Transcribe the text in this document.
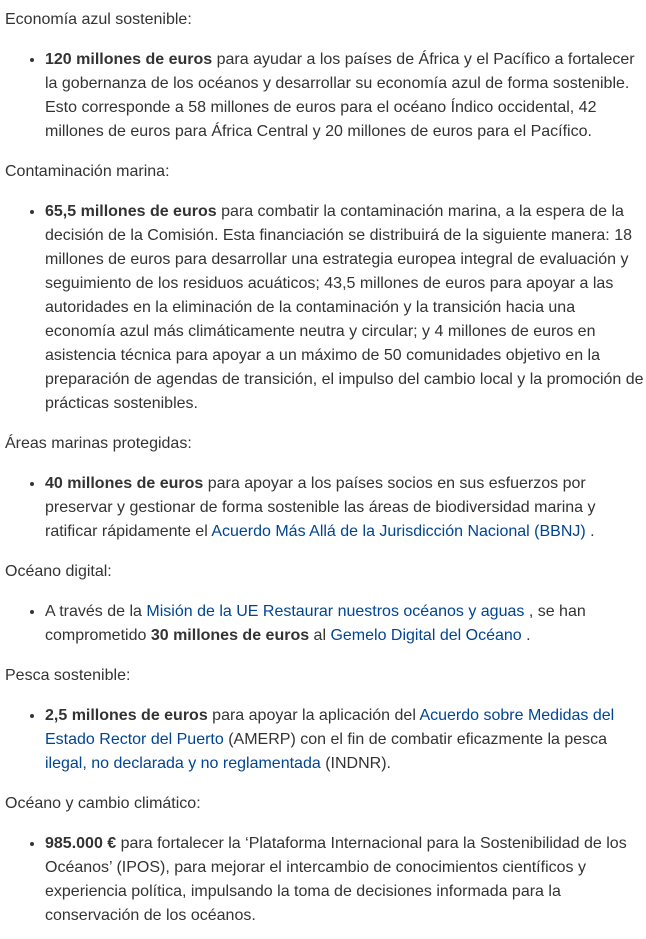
Economía azul sostenible:

• 120 millones de euros para ayudar a los países de África y el Pacífico a fortalecer la gobernanza de los océanos y desarrollar su economía azul de forma sostenible. Esto corresponde a 58 millones de euros para el océano Índico occidental, 42 millones de euros para África Central y 20 millones de euros para el Pacífico.

Contaminación marina:

• 65,5 millones de euros para combatir la contaminación marina, a la espera de la decisión de la Comisión. Esta financiación se distribuirá de la siguiente manera: 18 millones de euros para desarrollar una estrategia europea integral de evaluación y seguimiento de los residuos acuáticos; 43,5 millones de euros para apoyar a las autoridades en la eliminación de la contaminación y la transición hacia una economía azul más climáticamente neutra y circular; y 4 millones de euros en asistencia técnica para apoyar a un máximo de 50 comunidades objetivo en la preparación de agendas de transición, el impulso del cambio local y la promoción de prácticas sostenibles.

Áreas marinas protegidas:

• 40 millones de euros para apoyar a los países socios en sus esfuerzos por preservar y gestionar de forma sostenible las áreas de biodiversidad marina y ratificar rápidamente el Acuerdo Más Allá de la Jurisdicción Nacional (BBNJ) .

Océano digital:

• A través de la Misión de la UE Restaurar nuestros océanos y aguas , se han comprometido 30 millones de euros al Gemelo Digital del Océano .

Pesca sostenible:

• 2,5 millones de euros para apoyar la aplicación del Acuerdo sobre Medidas del Estado Rector del Puerto (AMERP) con el fin de combatir eficazmente la pesca ilegal, no declarada y no reglamentada (INDNR).

Océano y cambio climático:

• 985.000 € para fortalecer la ‘Plataforma Internacional para la Sostenibilidad de los Océanos’ (IPOS), para mejorar el intercambio de conocimientos científicos y experiencia política, impulsando la toma de decisiones informada para la conservación de los océanos.
